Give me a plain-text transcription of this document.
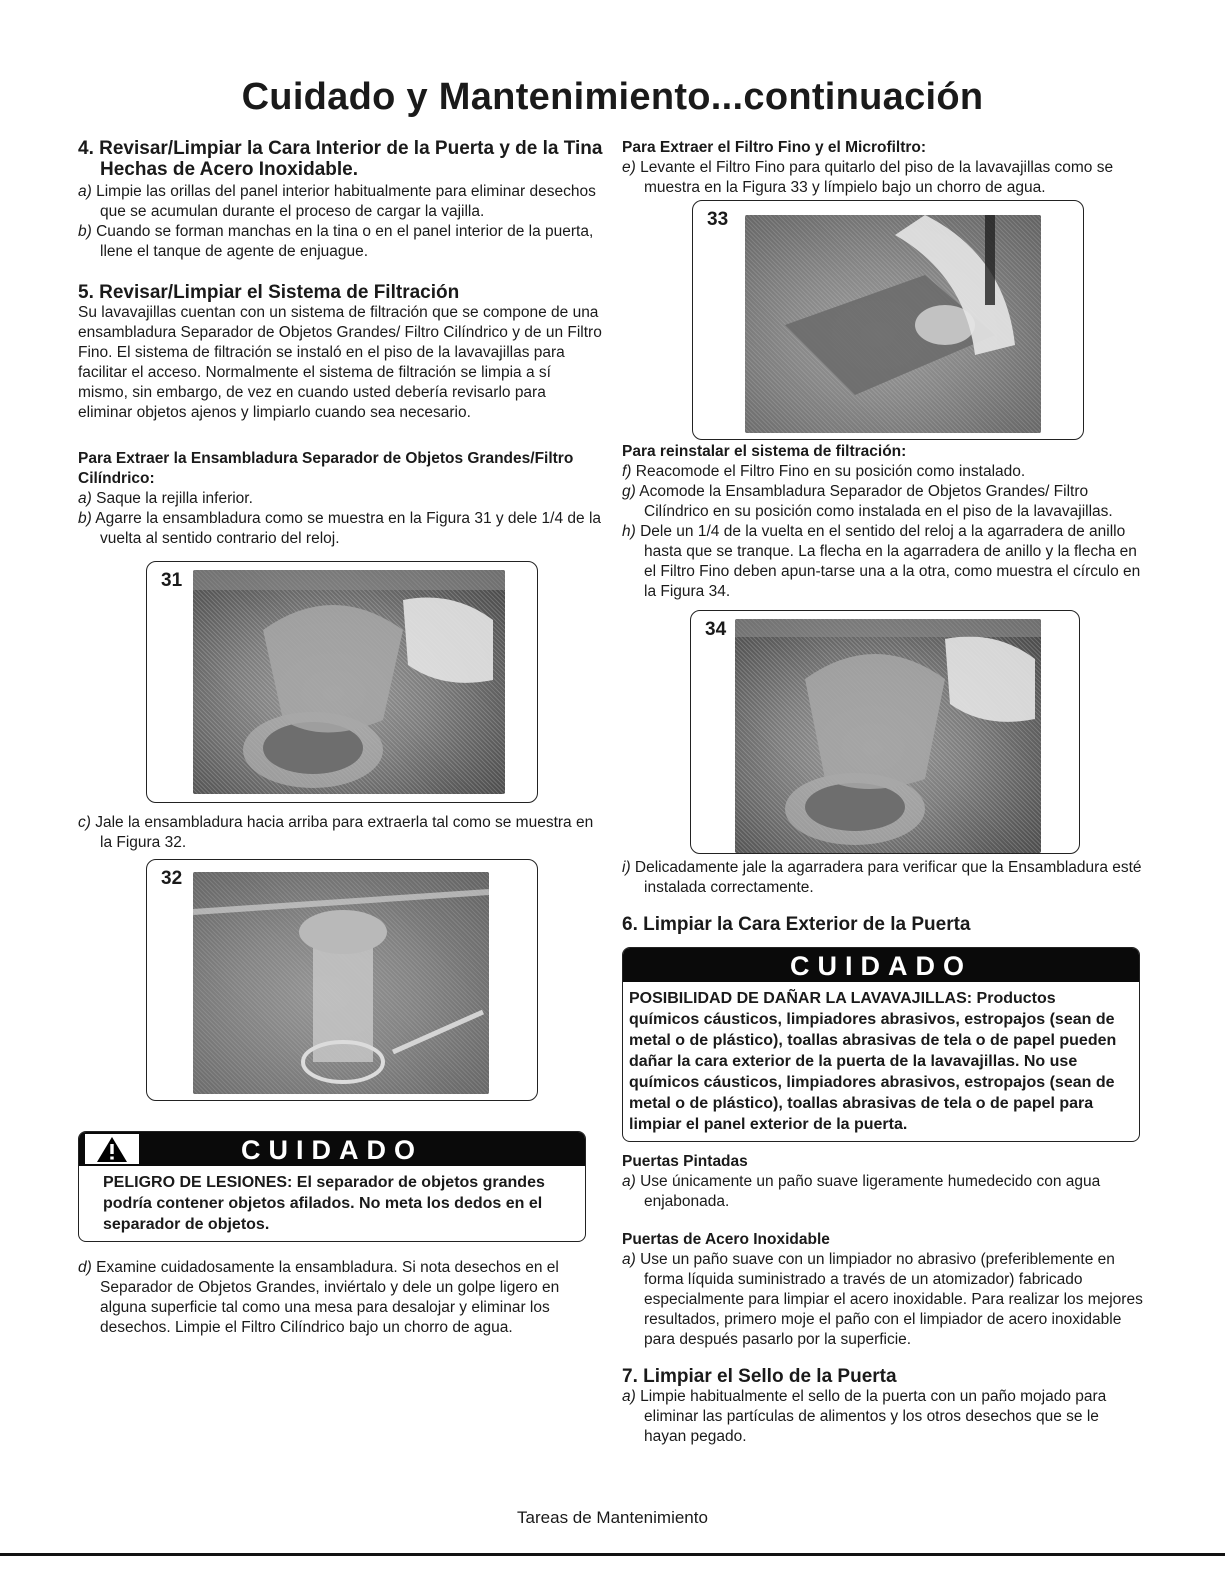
Cuidado y Mantenimiento...continuación
4. Revisar/Limpiar la Cara Interior de la Puerta y de la Tina Hechas de Acero Inoxidable.

a) Limpie las orillas del panel interior habitualmente para eliminar desechos que se acumulan durante el proceso de cargar la vajilla.

b) Cuando se forman manchas en la tina o en el panel interior de la puerta, llene el tanque de agente de enjuague.

5. Revisar/Limpiar el Sistema de Filtración

Su lavavajillas cuentan con un sistema de filtración que se compone de una ensambladura Separador de Objetos Grandes/ Filtro Cilíndrico y de un Filtro Fino. El sistema de filtración se instaló en el piso de la lavavajillas para facilitar el acceso. Normalmente el sistema de filtración se limpia a sí mismo, sin embargo, de vez en cuando usted debería revisarlo para eliminar objetos ajenos y limpiarlo cuando sea necesario.

Para Extraer la Ensambladura Separador de Objetos Grandes/Filtro Cilíndrico:

a) Saque la rejilla inferior.

b) Agarre la ensambladura como se muestra en la Figura 31 y dele 1/4 de la vuelta al sentido contrario del reloj.

31

c) Jale la ensambladura hacia arriba para extraerla tal como se muestra en la Figura 32.

32
CUIDADO
PELIGRO DE LESIONES: El separador de objetos grandes podría contener objetos afilados. No meta los dedos en el separador de objetos.

d) Examine cuidadosamente la ensambladura. Si nota desechos en el Separador de Objetos Grandes, inviértalo y dele un golpe ligero en alguna superficie tal como una mesa para desalojar y eliminar los desechos. Limpie el Filtro Cilíndrico bajo un chorro de agua.

Para Extraer el Filtro Fino y el Microfiltro:

e) Levante el Filtro Fino para quitarlo del piso de la lavavajillas como se muestra en la Figura 33 y límpielo bajo un chorro de agua.

33
Para reinstalar el sistema de filtración:

f) Reacomode el Filtro Fino en su posición como instalado.

g) Acomode la Ensambladura Separador de Objetos Grandes/ Filtro Cilíndrico en su posición como instalada en el piso de la lavavajillas.

h) Dele un 1/4 de la vuelta en el sentido del reloj a la agarradera de anillo hasta que se tranque. La flecha en la agarradera de anillo y la flecha en el Filtro Fino deben apun-tarse una a la otra, como muestra el círculo en la Figura 34.

34

i) Delicadamente jale la agarradera para verificar que la Ensambladura esté instalada correctamente.

6. Limpiar la Cara Exterior de la Puerta
CUIDADO
POSIBILIDAD DE DAÑAR LA LAVAVAJILLAS: Productos químicos cáusticos, limpiadores abrasivos, estropajos (sean de metal o de plástico), toallas abrasivas de tela o de papel pueden dañar la cara exterior de la puerta de la lavavajillas. No use químicos cáusticos, limpiadores abrasivos, estropajos (sean de metal o de plástico), toallas abrasivas de tela o de papel para limpiar el panel exterior de la puerta.
Puertas Pintadas

a) Use únicamente un paño suave ligeramente humedecido con agua enjabonada.

Puertas de Acero Inoxidable

a) Use un paño suave con un limpiador no abrasivo (preferiblemente en forma líquida suministrado a través de un atomizador) fabricado especialmente para limpiar el acero inoxidable. Para realizar los mejores resultados, primero moje el paño con el limpiador de acero inoxidable para después pasarlo por la superficie.

7. Limpiar el Sello de la Puerta

a) Limpie habitualmente el sello de la puerta con un paño mojado para eliminar las partículas de alimentos y los otros desechos que se le hayan pegado.

Tareas de Mantenimiento
